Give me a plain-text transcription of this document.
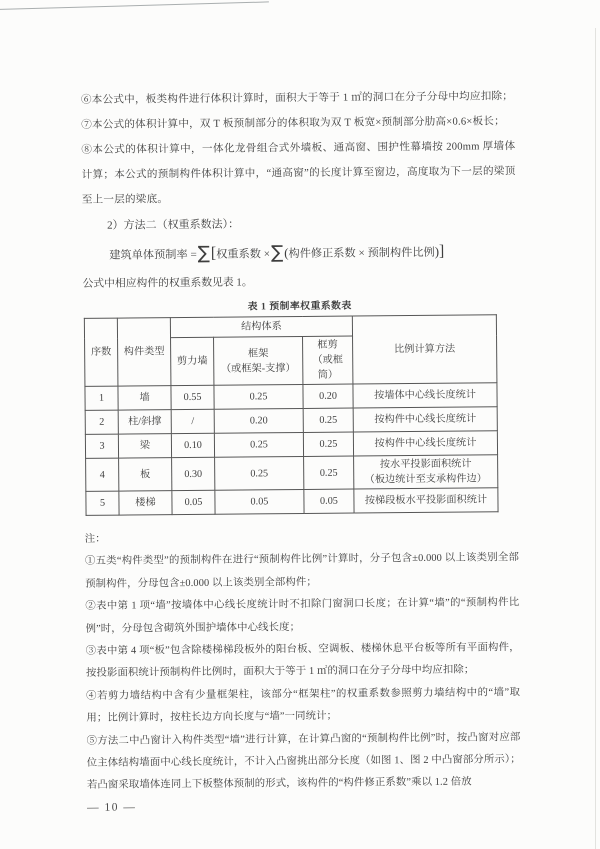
⑥本公式中，板类构件进行体积计算时，面积大于等于 1 ㎡的洞口在分子分母中均应扣除；

⑦本公式的体积计算中，双 T 板预制部分的体积取为双 T 板宽×预制部分肋高×0.6×板长；

⑧本公式的体积计算中，一体化龙骨组合式外墙板、通高窗、围护性幕墙按 200mm 厚墙体计算；本公式的预制构件体积计算中，“通高窗”的长度计算至窗边，高度取为下一层的梁顶至上一层的梁底。

2）方法二（权重系数法）：

建筑单体预制率 = ∑ [ 权重系数 × ∑ ( 构件修正系数 × 预制构件比例 ) ]

公式中相应构件的权重系数见表 1。

表 1 预制率权重系数表
序数	构件类型	结构体系			比例计算方法
		剪力墙	框架
（或框架-支撑）	框剪
（或框筒）	

1	墙	0.55	0.25	0.20	按墙体中心线长度统计
2	柱/斜撑	/	0.20	0.25	按构件中心线长度统计
3	梁	0.10	0.25	0.25	按构件中心线长度统计
4	板	0.30	0.25	0.25	按水平投影面积统计
（板边统计至支承构件边）

5	楼梯	0.05	0.05	0.05	按梯段板水平投影面积统计

注：

①五类“构件类型”的预制构件在进行“预制构件比例”计算时，分子包含±0.000 以上该类别全部预制构件，分母包含±0.000 以上该类别全部构件；

②表中第 1 项“墙”按墙体中心线长度统计时不扣除门窗洞口长度；在计算“墙”的“预制构件比例”时，分母包含砌筑外围护墙体中心线长度；

③表中第 4 项“板”包含除楼梯梯段板外的阳台板、空调板、楼梯休息平台板等所有平面构件，按投影面积统计预制构件比例时，面积大于等于 1 ㎡的洞口在分子分母中均应扣除；

④若剪力墙结构中含有少量框架柱，该部分“框架柱”的权重系数参照剪力墙结构中的“墙”取用；比例计算时，按柱长边方向长度与“墙”一同统计；

⑤方法二中凸窗计入构件类型“墙”进行计算，在计算凸窗的“预制构件比例”时，按凸窗对应部位主体结构墙面中心线长度统计，不计入凸窗挑出部分长度（如图 1、图 2 中凸窗部分所示）；若凸窗采取墙体连同上下板整体预制的形式，该构件的“构件修正系数”乘以 1.2 倍放

— 10 —
